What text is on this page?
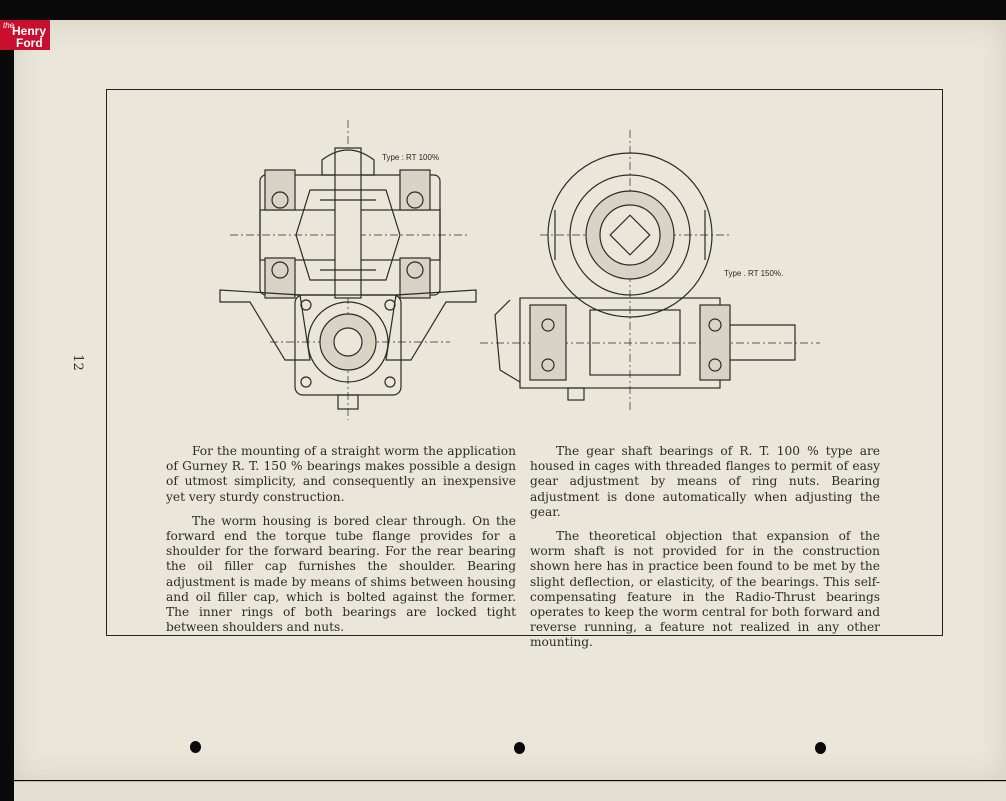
the
Henry
Ford
12
Type : RT 100%
Type . RT 150%.

For the mounting of a straight worm the application of Gurney R. T. 150 % bearings makes possible a design of utmost simplicity, and consequently an inexpensive yet very sturdy construction.

The worm housing is bored clear through. On the forward end the torque tube flange provides for a shoulder for the forward bearing. For the rear bearing the oil filler cap furnishes the shoulder. Bearing adjustment is made by means of shims between housing and oil filler cap, which is bolted against the former. The inner rings of both bearings are locked tight between shoulders and nuts.

The gear shaft bearings of R. T. 100 % type are housed in cages with threaded flanges to permit of easy gear adjustment by means of ring nuts. Bearing adjustment is done automatically when adjusting the gear.

The theoretical objection that expansion of the worm shaft is not provided for in the construction shown here has in practice been found to be met by the slight deflection, or elasticity, of the bearings. This self-compensating feature in the Radio-Thrust bearings operates to keep the worm central for both forward and reverse running, a feature not realized in any other mounting.
